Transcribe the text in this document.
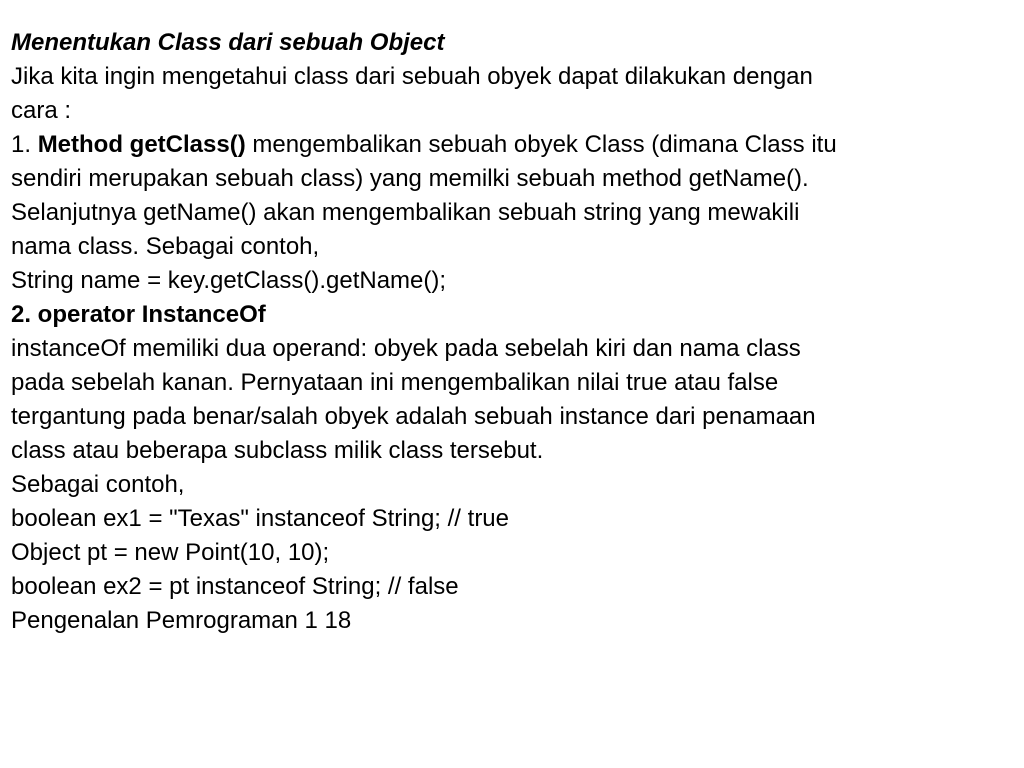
Menentukan Class dari sebuah Object
Jika kita ingin mengetahui class dari sebuah obyek dapat dilakukan dengan
cara :
1. Method getClass() mengembalikan sebuah obyek Class (dimana Class itu
sendiri merupakan sebuah class) yang memilki sebuah method getName().
Selanjutnya getName() akan mengembalikan sebuah string yang mewakili
nama class. Sebagai contoh,
String name = key.getClass().getName();
2. operator InstanceOf
instanceOf memiliki dua operand: obyek pada sebelah kiri dan nama class
pada sebelah kanan. Pernyataan ini mengembalikan nilai true atau false
tergantung pada benar/salah obyek adalah sebuah instance dari penamaan
class atau beberapa subclass milik class tersebut.
Sebagai contoh,
boolean ex1 = "Texas" instanceof String; // true
Object pt = new Point(10, 10);
boolean ex2 = pt instanceof String; // false
Pengenalan Pemrograman 1 18
